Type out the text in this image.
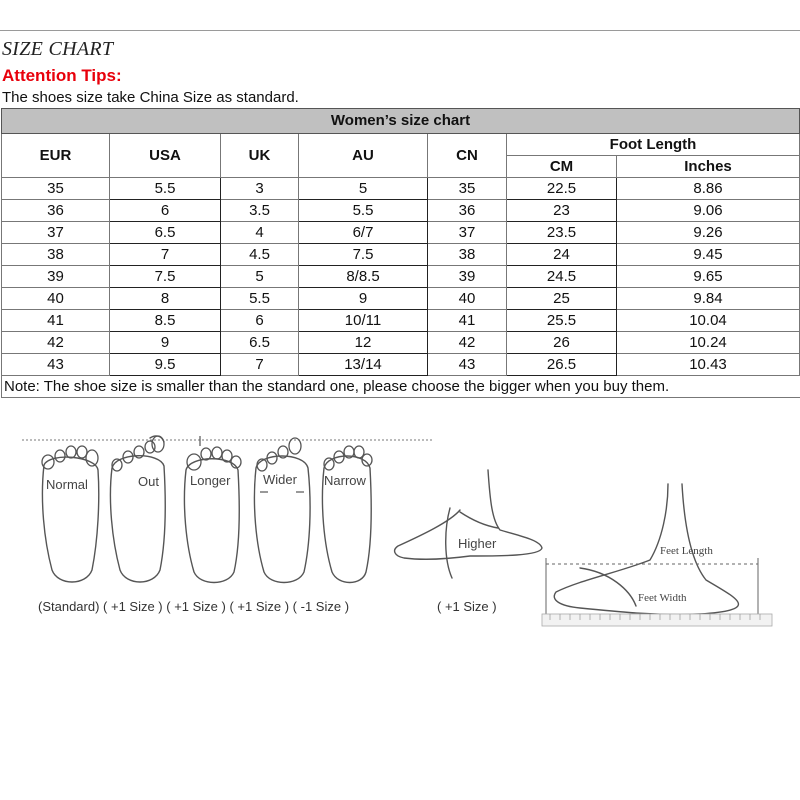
SIZE CHART
Attention Tips:
The shoes size take China Size as standard.
Women’s size chart						
EUR	USA	UK	AU	CN	Foot Length	
					CM	Inches
35	5.5	3	5	35	22.5	8.86
36	6	3.5	5.5	36	23	9.06
37	6.5	4	6/7	37	23.5	9.26
38	7	4.5	7.5	38	24	9.45
39	7.5	5	8/8.5	39	24.5	9.65
40	8	5.5	9	40	25	9.84
41	8.5	6	10/11	41	25.5	10.04
42	9	6.5	12	42	26	10.24
43	9.5	7	13/14	43	26.5	10.43
Note: The shoe size is smaller than the standard one, please choose the bigger when you buy them.						
Normal	Out Longer	Wider Narrow
(Standard) ( +1 Size ) ( +1 Size ) ( +1 Size ) ( -1 Size )
Higher
( +1 Size )
Feet Length
Feet Width
